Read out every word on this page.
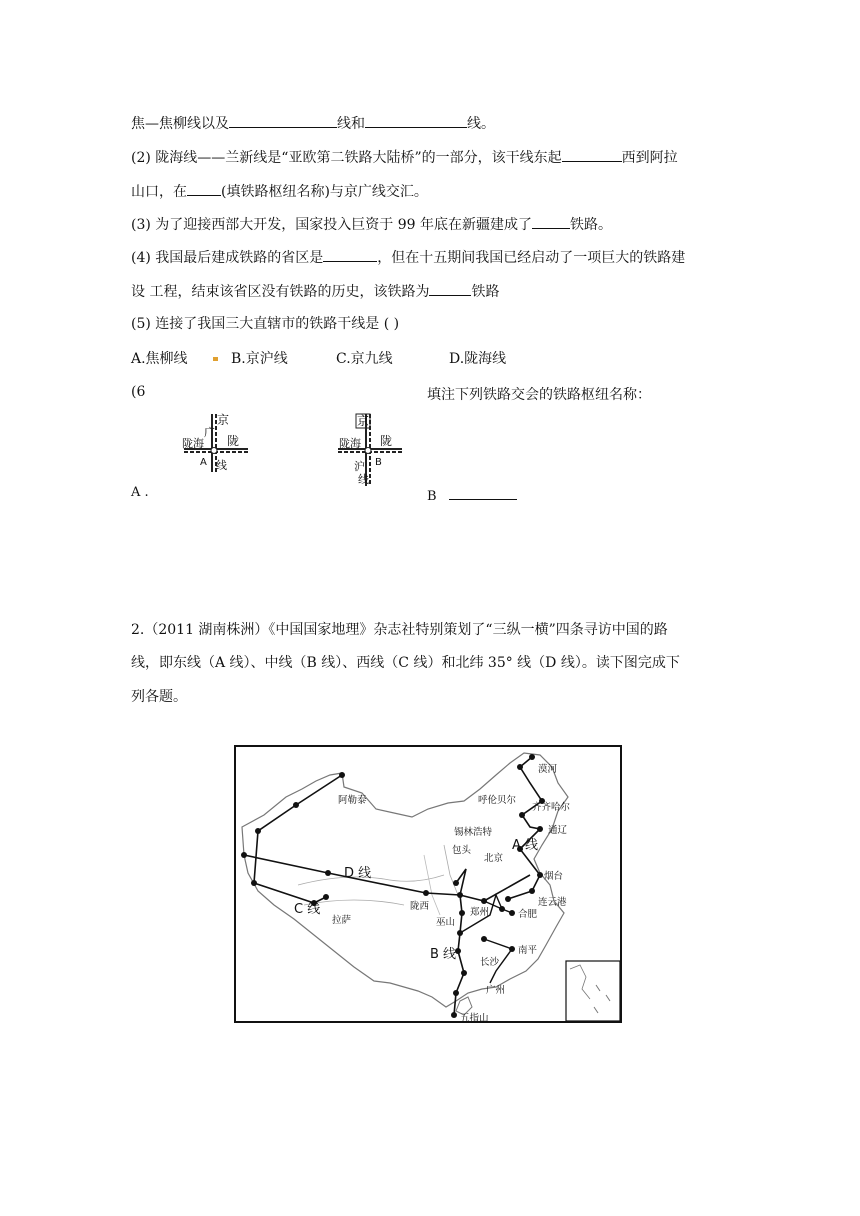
焦—焦柳线以及	线和	线。
(2) 陇海线——兰新线是“亚欧第二铁路大陆桥”的一部分，该干线东起	西到阿拉
山口，在 (填铁路枢纽名称)与京广线交汇。
(3) 为了迎接西部大开发，国家投入巨资于 99 年底在新疆建成了	铁路。
(4) 我国最后建成铁路的省区是	，但在十五期间我国已经启动了一项巨大的铁路建
设 工程，结束该省区没有铁路的历史，该铁路为	铁路
(5) 连接了我国三大直辖市的铁路干线是 ( )
A.焦柳线	B.京沪线	C.京九线	D.陇海线
(6	填注下列铁路交会的铁路枢纽名称：
京
广
陇海 陇
A 线
京
陇海 陇
B
沪
线
A .	B
2.（2011 湖南株洲）《中国国家地理》杂志社特别策划了“三纵一横”四条寻访中国的路
线，即东线（A 线）、中线（B 线）、西线（C 线）和北纬 35° 线（D 线）。读下图完成下
列各题。
A 线
B 线
C 线
D 线
漠河
呼伦贝尔
齐齐哈尔
锡林浩特	通辽
包头
北京
烟台
连云港
郑州	合肥
陇西
巫山
南平
长沙
广州
五指山
拉萨
阿勒泰
